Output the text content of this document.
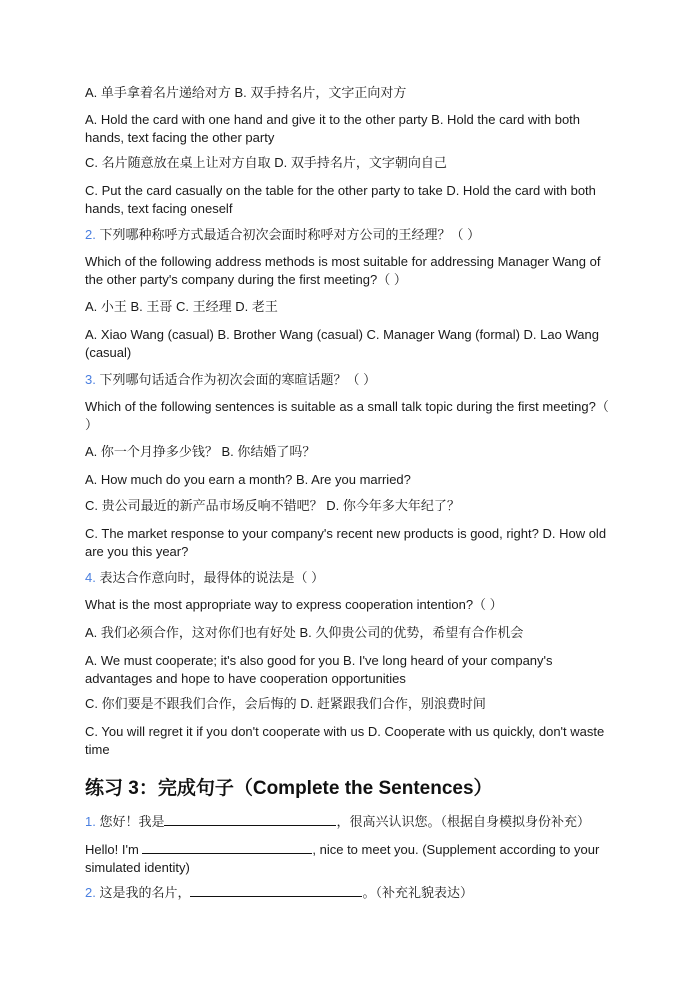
A. 单手拿着名片递给对方 B. 双手持名片，文字正向对方
A. Hold the card with one hand and give it to the other party B. Hold the card with both hands, text facing the other party
C. 名片随意放在桌上让对方自取 D. 双手持名片，文字朝向自己
C. Put the card casually on the table for the other party to take D. Hold the card with both hands, text facing oneself
2. 下列哪种称呼方式最适合初次会面时称呼对方公司的王经理？（ ）
Which of the following address methods is most suitable for addressing Manager Wang of the other party's company during the first meeting?（ ）
A. 小王 B. 王哥 C. 王经理 D. 老王
A. Xiao Wang (casual) B. Brother Wang (casual) C. Manager Wang (formal) D. Lao Wang (casual)
3. 下列哪句话适合作为初次会面的寒暄话题？（ ）
Which of the following sentences is suitable as a small talk topic during the first meeting?（ ）
A. 你一个月挣多少钱？ B. 你结婚了吗？
A. How much do you earn a month? B. Are you married?
C. 贵公司最近的新产品市场反响不错吧？ D. 你今年多大年纪了？
C. The market response to your company's recent new products is good, right? D. How old are you this year?
4. 表达合作意向时，最得体的说法是（ ）
What is the most appropriate way to express cooperation intention?（ ）
A. 我们必须合作，这对你们也有好处 B. 久仰贵公司的优势，希望有合作机会
A. We must cooperate; it's also good for you B. I've long heard of your company's advantages and hope to have cooperation opportunities
C. 你们要是不跟我们合作，会后悔的 D. 赶紧跟我们合作，别浪费时间
C. You will regret it if you don't cooperate with us D. Cooperate with us quickly, don't waste time
练习 3：完成句子（Complete the Sentences）
1. 您好！我是	，很高兴认识您。（根据自身模拟身份补充）
Hello! I'm	, nice to meet you. (Supplement according to your simulated identity)
2. 这是我的名片，	。（补充礼貌表达）
